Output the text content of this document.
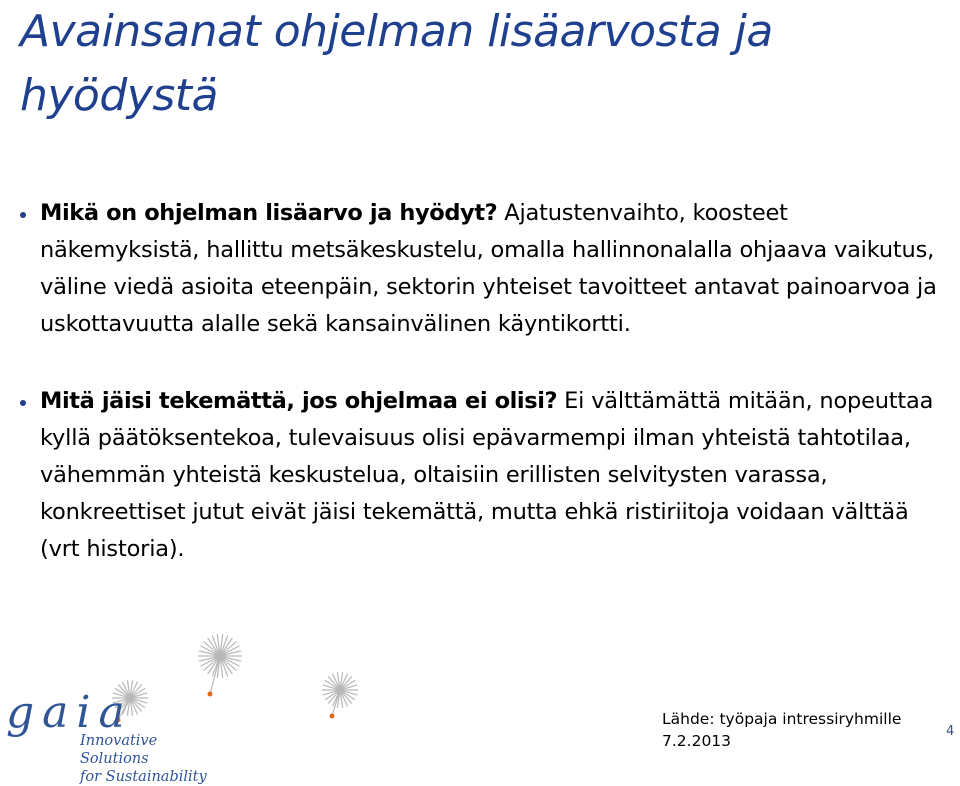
Avainsanat ohjelman lisäarvosta ja hyödystä
Mikä on ohjelman lisäarvo ja hyödyt? Ajatustenvaihto, koosteet näkemyksistä, hallittu metsäkeskustelu, omalla hallinnonalalla ohjaava vaikutus, väline viedä asioita eteenpäin, sektorin yhteiset tavoitteet antavat painoarvoa ja uskottavuutta alalle sekä kansainvälinen käyntikortti.
Mitä jäisi tekemättä, jos ohjelmaa ei olisi? Ei välttämättä mitään, nopeuttaa kyllä päätöksentekoa, tulevaisuus olisi epävarmempi ilman yhteistä tahtotilaa, vähemmän yhteistä keskustelua, oltaisiin erillisten selvitysten varassa, konkreettiset jutut eivät jäisi tekemättä, mutta ehkä ristiriitoja voidaan välttää (vrt historia).
gaia
Innovative Solutions
for Sustainability
Lähde: työpaja intressiryhmille
7.2.2013
4
